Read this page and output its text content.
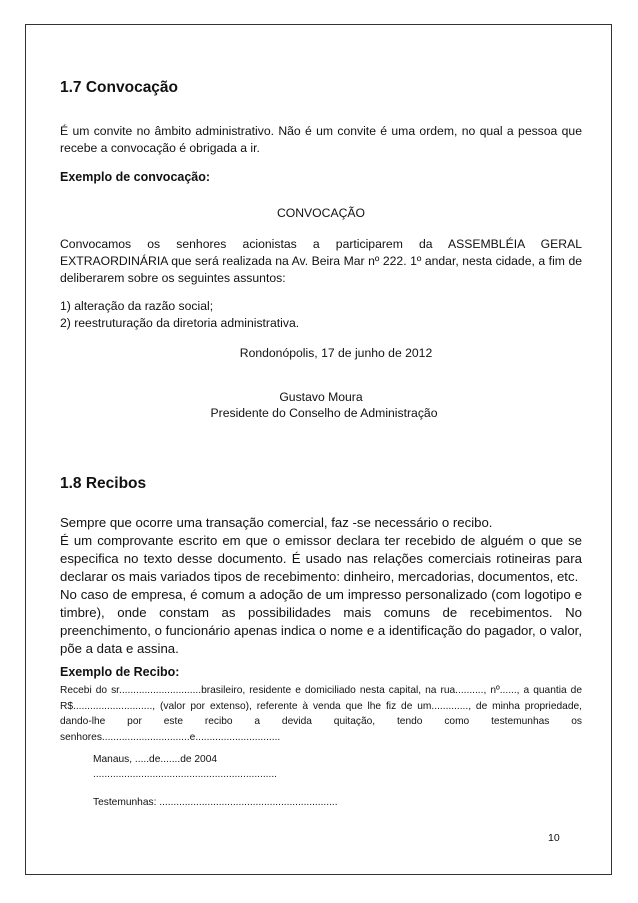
1.7 Convocação

É um convite no âmbito administrativo. Não é um convite é uma ordem, no qual a pessoa que recebe a convocação é obrigada a ir.

Exemplo de convocação:

CONVOCAÇÃO

Convocamos os senhores acionistas a participarem da ASSEMBLÉIA GERAL EXTRAORDINÁRIA que será realizada na Av. Beira Mar nº 222. 1º andar, nesta cidade, a fim de deliberarem sobre os seguintes assuntos:

1) alteração da razão social;
2) reestruturação da diretoria administrativa.

Rondonópolis, 17 de junho de 2012

Gustavo Moura

Presidente do Conselho de Administração

1.8 Recibos

Sempre que ocorre uma transação comercial, faz -se necessário o recibo.

É um comprovante escrito em que o emissor declara ter recebido de alguém o que se especifica no texto desse documento. É usado nas relações comerciais rotineiras para declarar os mais variados tipos de recebimento: dinheiro, mercadorias, documentos, etc.

No caso de empresa, é comum a adoção de um impresso personalizado (com logotipo e timbre), onde constam as possibilidades mais comuns de recebimentos. No preenchimento, o funcionário apenas indica o nome e a identificação do pagador, o valor, põe a data e assina.

Exemplo de Recibo:

Recebi do sr.............................brasileiro, residente e domiciliado nesta capital, na rua.........., nº......, a quantia de R$............................, (valor por extenso), referente à venda que lhe fiz de um............., de minha propriedade, dando-lhe por este recibo a devida quitação, tendo como testemunhas os senhores...............................e..............................

Manaus, .....de.......de 2004

.................................................................

Testemunhas: ...............................................................

10
